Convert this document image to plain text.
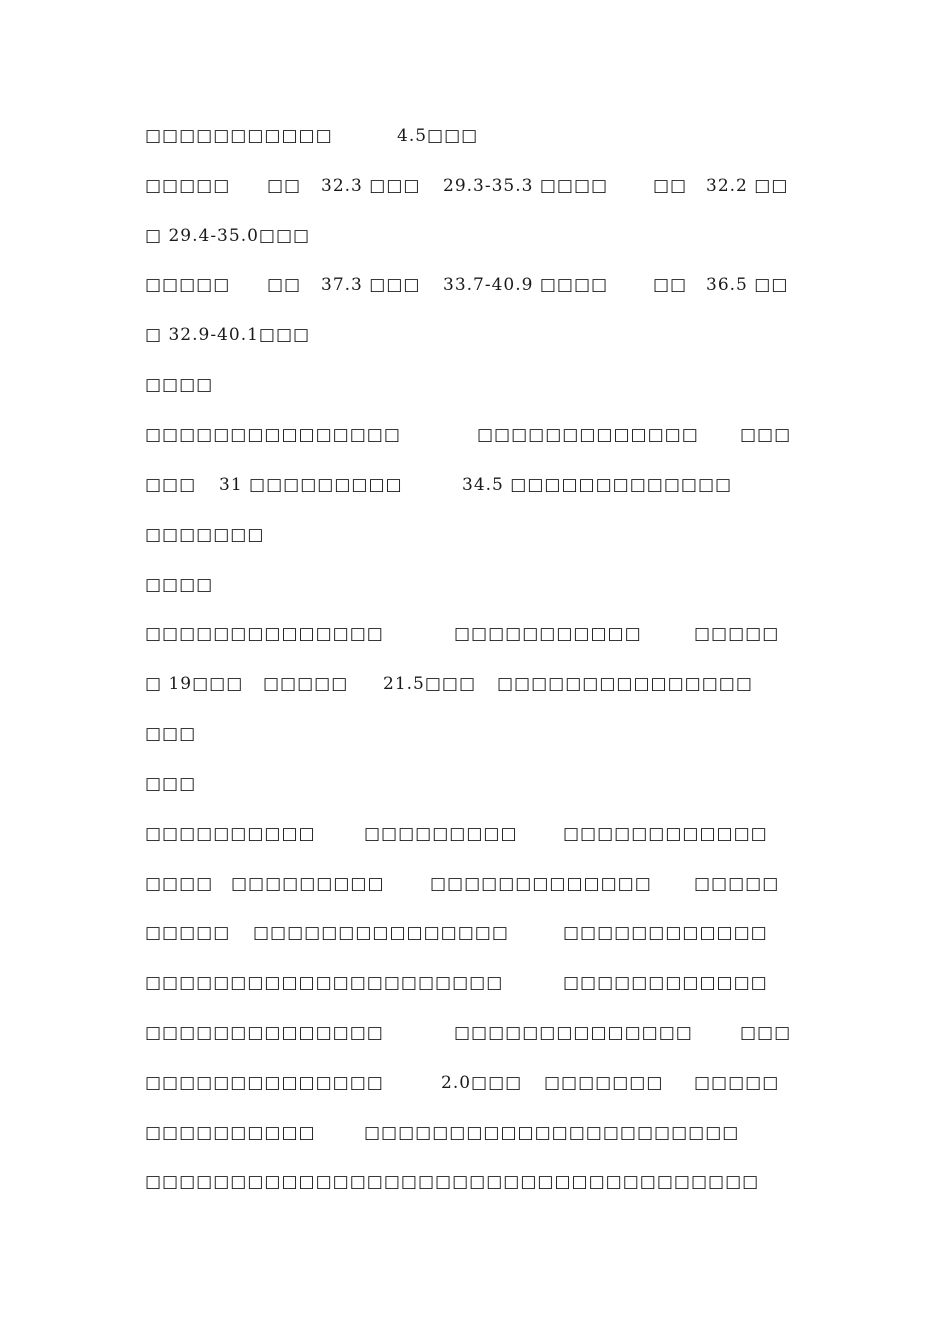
□□□□□□□□□□□	4.5□□□
□□□□□ □□ 32.3 □□□ 29.3-35.3 □□□□	□□ 32.2 □□
□ 29.4-35.0□□□
□□□□□ □□ 37.3 □□□ 33.7-40.9 □□□□	□□ 36.5 □□
□ 32.9-40.1□□□
□□□□
□□□□□□□□□□□□□□□	□□□□□□□□□□□□□ □□□
□□□ 31 □□□□□□□□□	34.5 □□□□□□□□□□□□□
□□□□□□□
□□□□
□□□□□□□□□□□□□□	□□□□□□□□□□□	□□□□□
□ 19□□□ □□□□□ 21.5□□□ □□□□□□□□□□□□□□□
□□□
□□□
□□□□□□□□□□	□□□□□□□□□	□□□□□□□□□□□□
□□□□ □□□□□□□□□	□□□□□□□□□□□□□ □□□□□
□□□□□ □□□□□□□□□□□□□□□	□□□□□□□□□□□□
□□□□□□□□□□□□□□□□□□□□□	□□□□□□□□□□□□
□□□□□□□□□□□□□□	□□□□□□□□□□□□□□	□□□
□□□□□□□□□□□□□□	2.0□□□ □□□□□□□ □□□□□
□□□□□□□□□□	□□□□□□□□□□□□□□□□□□□□□□
□□□□□□□□□□□□□□□□□□□□□□□□□□□□□□□□□□□□
